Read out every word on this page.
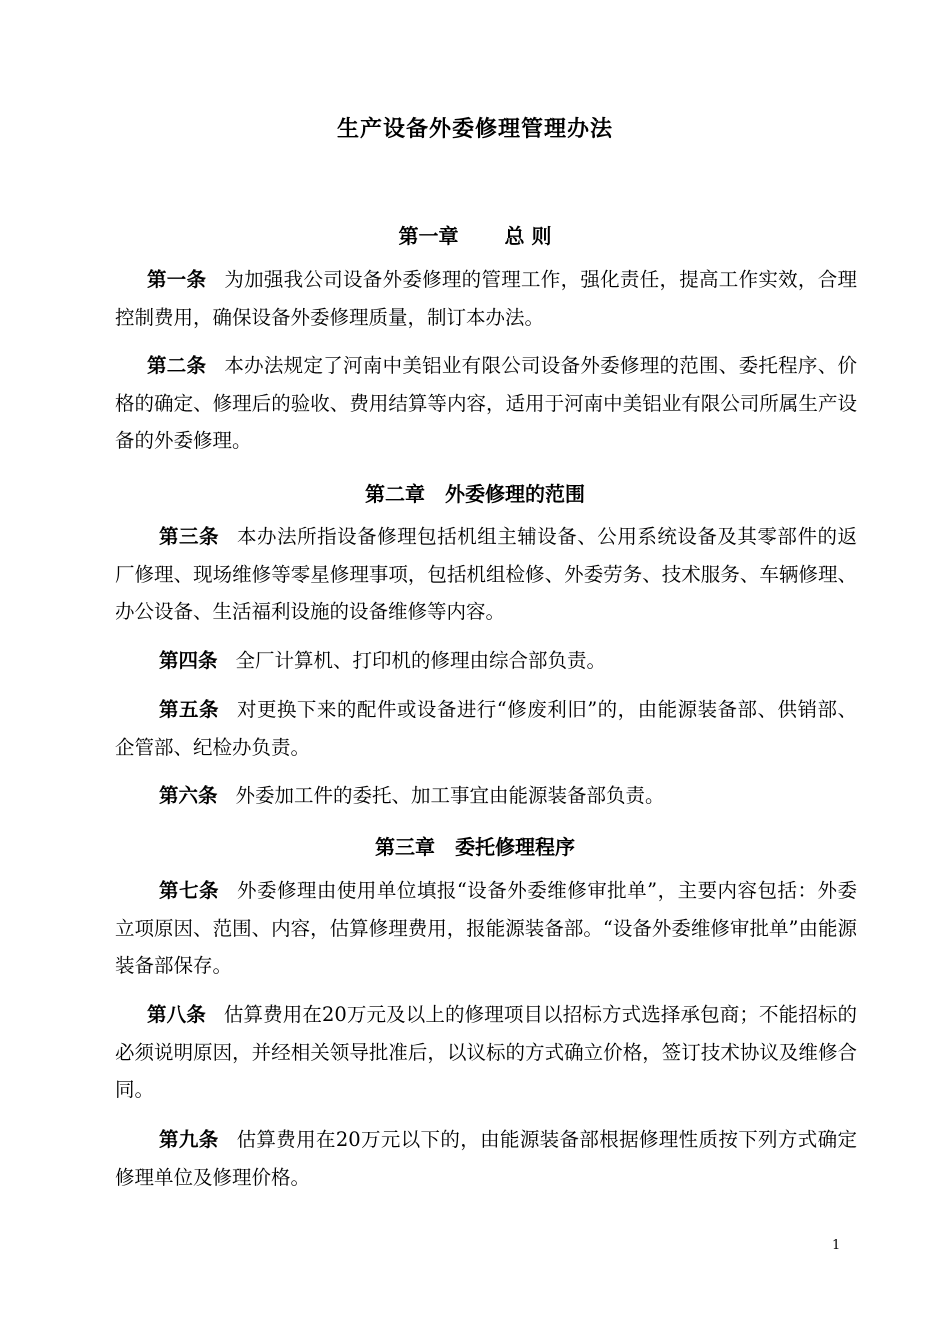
生产设备外委修理管理办法
第一章 总 则
第一条 为加强我公司设备外委修理的管理工作，强化责任，提高工作实效，合理控制费用，确保设备外委修理质量，制订本办法。
第二条 本办法规定了河南中美铝业有限公司设备外委修理的范围、委托程序、价格的确定、修理后的验收、费用结算等内容，适用于河南中美铝业有限公司所属生产设备的外委修理。
第二章 外委修理的范围
第三条 本办法所指设备修理包括机组主辅设备、公用系统设备及其零部件的返厂修理、现场维修等零星修理事项，包括机组检修、外委劳务、技术服务、车辆修理、办公设备、生活福利设施的设备维修等内容。
第四条 全厂计算机、打印机的修理由综合部负责。
第五条 对更换下来的配件或设备进行“修废利旧”的，由能源装备部、供销部、企管部、纪检办负责。
第六条 外委加工件的委托、加工事宜由能源装备部负责。
第三章 委托修理程序
第七条 外委修理由使用单位填报“设备外委维修审批单”，主要内容包括：外委立项原因、范围、内容，估算修理费用，报能源装备部。“设备外委维修审批单”由能源装备部保存。
第八条 估算费用在20万元及以上的修理项目以招标方式选择承包商；不能招标的必须说明原因，并经相关领导批准后，以议标的方式确立价格，签订技术协议及维修合同。
第九条 估算费用在20万元以下的，由能源装备部根据修理性质按下列方式确定修理单位及修理价格。
1
